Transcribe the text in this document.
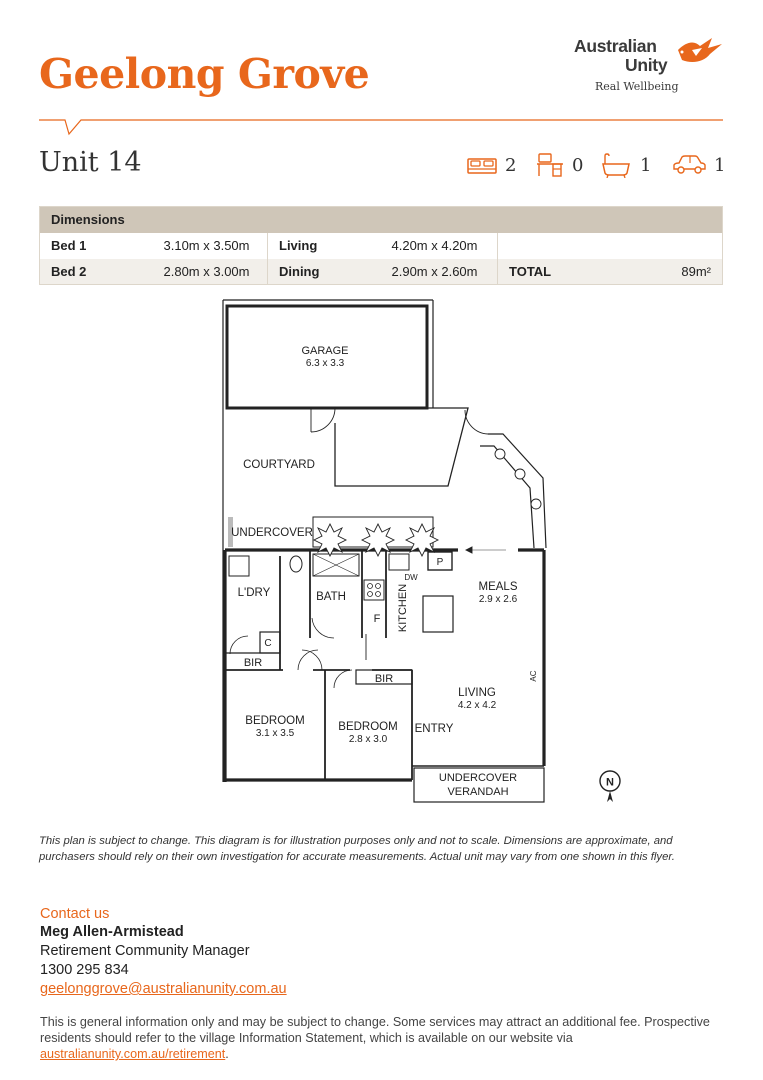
Geelong Grove
Australian
Unity
Real Wellbeing
Unit 14	2	0	1	1
Dimensions					
Bed 1	3.10m x 3.50m	Living	4.20m x 4.20m		
Bed 2	2.80m x 3.00m	Dining	2.90m x 2.60m	TOTAL	89m²
GARAGE
6.3 x 3.3
COURTYARD
UNDERCOVER
L'DRY	BATH
F KITCHEN
DW
P
MEALS
2.9 x 2.6
LIVING
4.2 x 4.2
AC
C
BIR
BIR
BEDROOM
3.1 x 3.5
BEDROOM
2.8 x 3.0
ENTRY
UNDERCOVER
VERANDAH
N

This plan is subject to change. This diagram is for illustration purposes only and not to scale. Dimensions are approximate, and purchasers should rely on their own investigation for accurate measurements. Actual unit may vary from one shown in this flyer.

Contact us
Meg Allen-Armistead
Retirement Community Manager
1300 295 834
geelonggrove@australianunity.com.au

This is general information only and may be subject to change. Some services may attract an additional fee. Prospective residents should refer to the village Information Statement, which is available on our website via australianunity.com.au/retirement.
